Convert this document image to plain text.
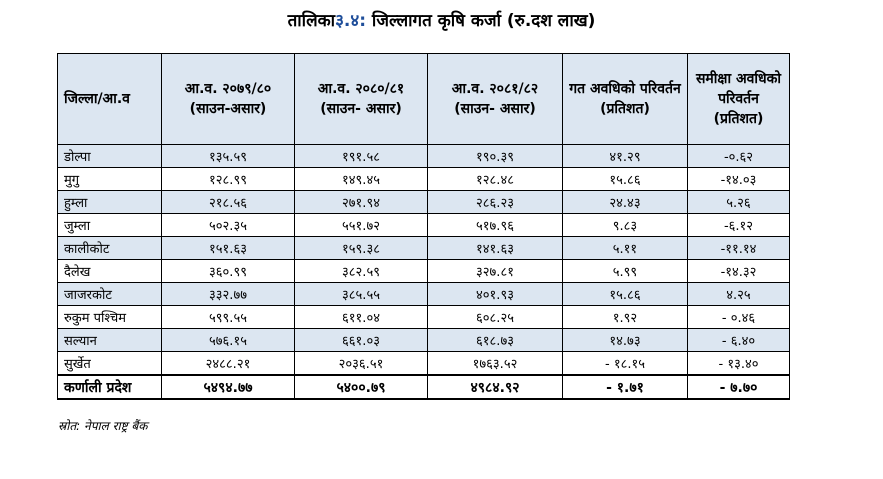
तालिका३.४: जिल्लागत कृषि कर्जा (रु.दश लाख)
जिल्ला/आ.व	आ.व. २०७९/८० (साउन-असार)	आ.व. २०८०/८१ (साउन- असार)	आ.व. २०८१/८२ (साउन- असार)	गत अवधिको परिवर्तन (प्रतिशत)	समीक्षा अवधिको परिवर्तन (प्रतिशत)
डोल्पा	१३५.५९	१९१.५८	१९०.३९	४१.२९	-०.६२
मुगु	१२८.९९	१४९.४५	१२८.४८	१५.८६	-१४.०३
हुम्ला	२१८.५६	२७१.९४	२८६.२३	२४.४३	५.२६
जुम्ला	५०२.३५	५५१.७२	५१७.९६	९.८३	-६.१२
कालीकोट	१५१.६३	१५९.३८	१४१.६३	५.११	-११.१४
दैलेख	३६०.९९	३८२.५९	३२७.८१	५.९९	-१४.३२
जाजरकोट	३३२.७७	३८५.५५	४०१.९३	१५.८६	४.२५
रुकुम पश्चिम	५९९.५५	६११.०४	६०८.२५	१.९२	- ०.४६
सल्यान	५७६.१५	६६१.०३	६१८.७३	१४.७३	- ६.४०
सुर्खेत	२४८८.२१	२०३६.५१	१७६३.५२	- १८.१५	- १३.४०
कर्णाली प्रदेश	५४९४.७७	५४००.७९	४९८४.९२	- १.७१	- ७.७०
स्रोत: नेपाल राष्ट्र बैंक
